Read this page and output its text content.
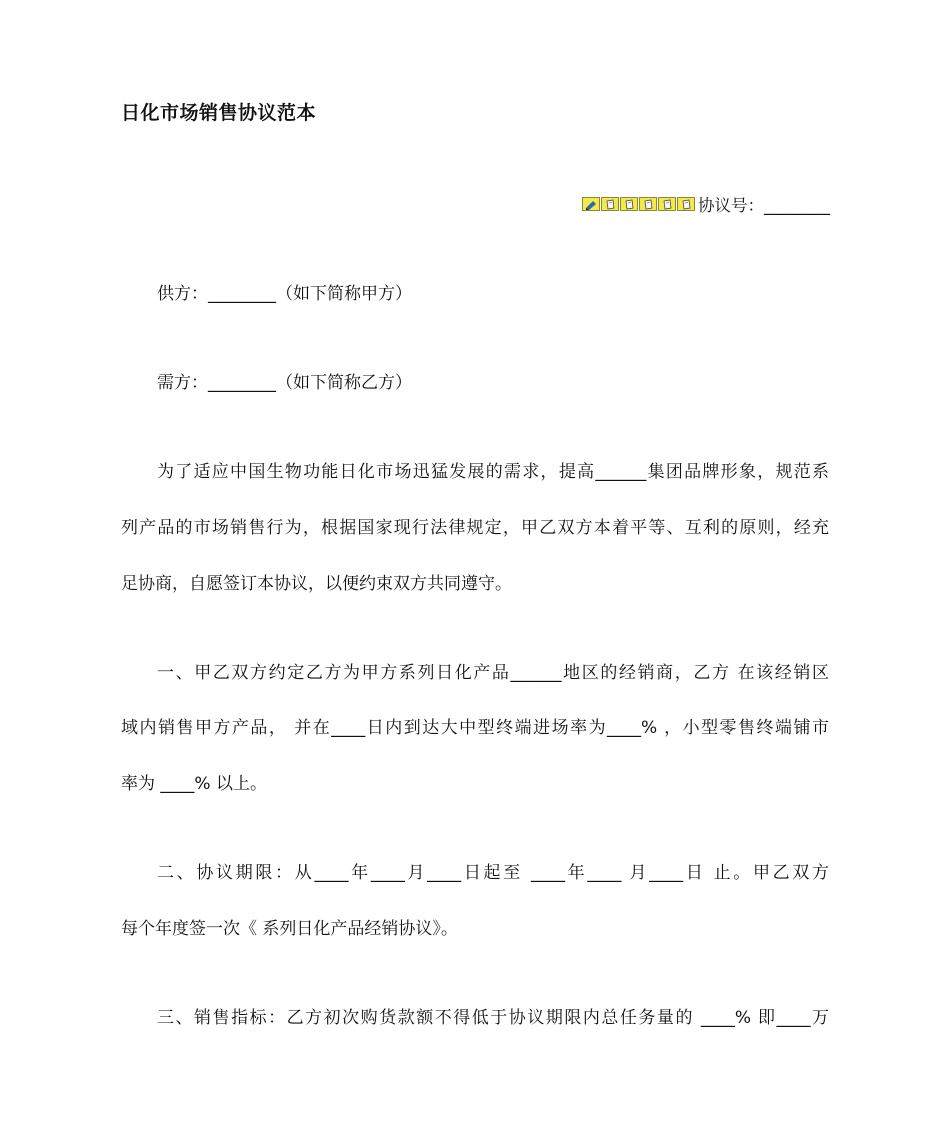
日化市场销售协议范本
协议号：________
供方：________（如下简称甲方）
需方：________（如下简称乙方）
为了适应中国生物功能日化市场迅猛发展的需求，提高______集团品牌形象，规范系
列产品的市场销售行为，根据国家现行法律规定，甲乙双方本着平等、互利的原则，经充
足协商，自愿签订本协议，以便约束双方共同遵守。
一、甲乙双方约定乙方为甲方系列日化产品______地区的经销商，乙方 在该经销区
域内销售甲方产品， 并在____日内到达大中型终端进场率为____% ，小型零售终端铺市
率为 ____% 以上。
二、协议期限：从____年____月____日起至 ____年____ 月____日 止。甲乙双方
每个年度签一次《 系列日化产品经销协议》。
三、销售指标：乙方初次购货款额不得低于协议期限内总任务量的 ____% 即____万
